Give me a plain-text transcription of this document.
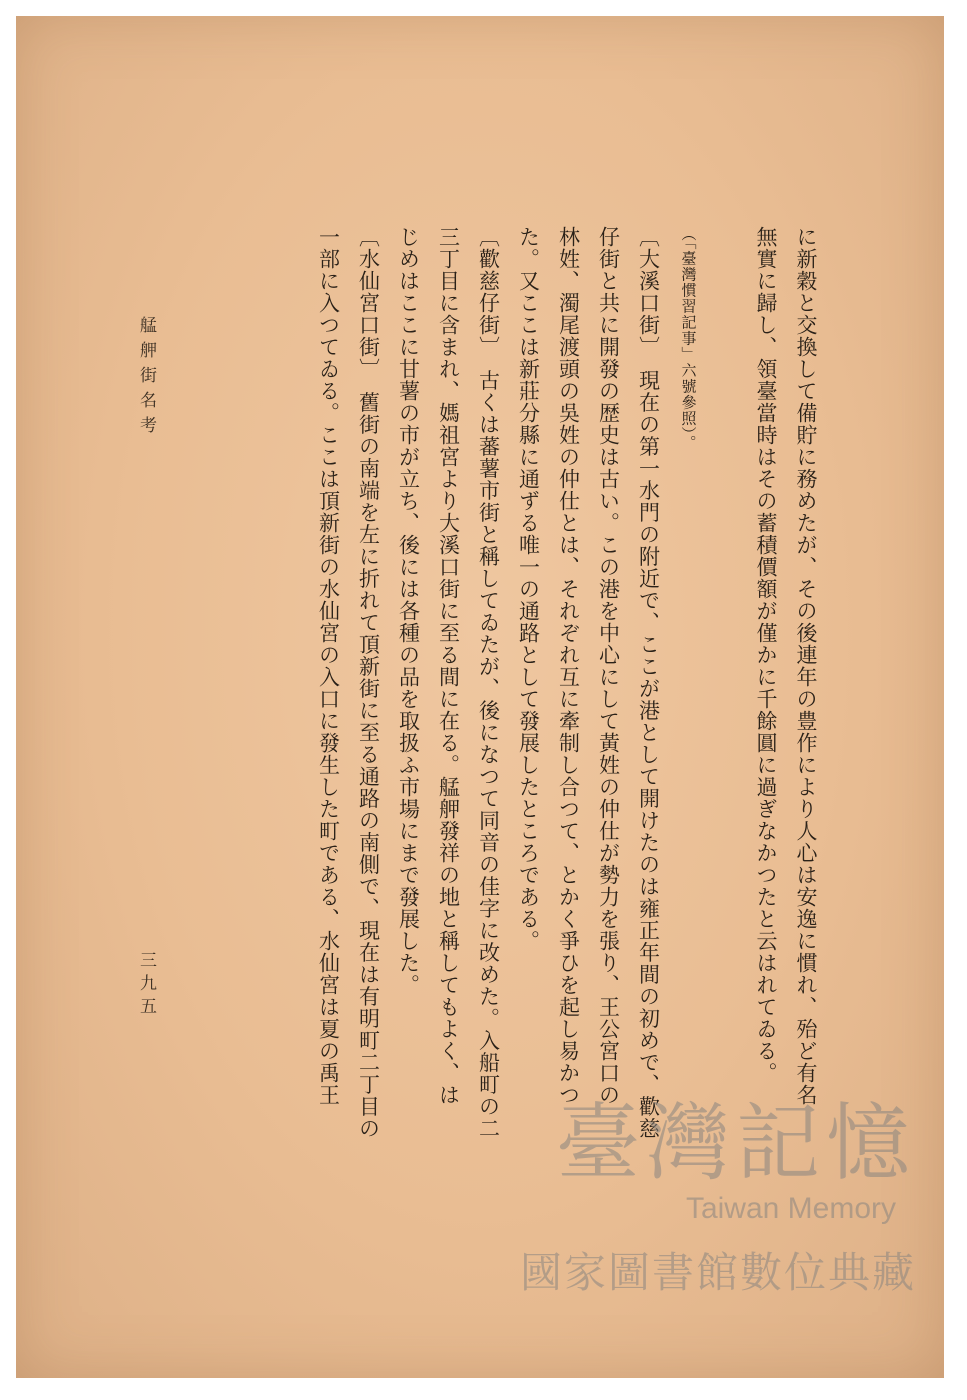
に新穀と交換して備貯に務めたが、その後連年の豊作により人心は安逸に慣れ、殆ど有名
無實に歸し、領臺當時はその蓄積價額が僅かに千餘圓に過ぎなかつたと云はれてゐる。
（「臺灣慣習記事」六號參照）。
〔大溪口街〕　現在の第一水門の附近で、ここが港として開けたのは雍正年間の初めで、歡慈
仔街と共に開發の歴史は古い。この港を中心にして黃姓の仲仕が勢力を張り、王公宮口の
林姓、濁尾渡頭の吳姓の仲仕とは、それぞれ互に牽制し合つて、とかく爭ひを起し易かつ
た。又ここは新莊分縣に通ずる唯一の通路として發展したところである。
〔歡慈仔街〕　古くは蕃薯市街と稱してゐたが、後になつて同音の佳字に改めた。入船町の二
三丁目に含まれ、媽祖宮より大溪口街に至る間に在る。艋舺發祥の地と稱してもよく、は
じめはここに甘薯の市が立ち、後には各種の品を取扱ふ市場にまで發展した。
〔水仙宮口街〕　舊街の南端を左に折れて頂新街に至る通路の南側で、現在は有明町二丁目の
一部に入つてゐる。ここは頂新街の水仙宮の入口に發生した町である、水仙宮は夏の禹王
艋舺街名考
三九五
臺灣記憶
Taiwan Memory
國家圖書館數位典藏
